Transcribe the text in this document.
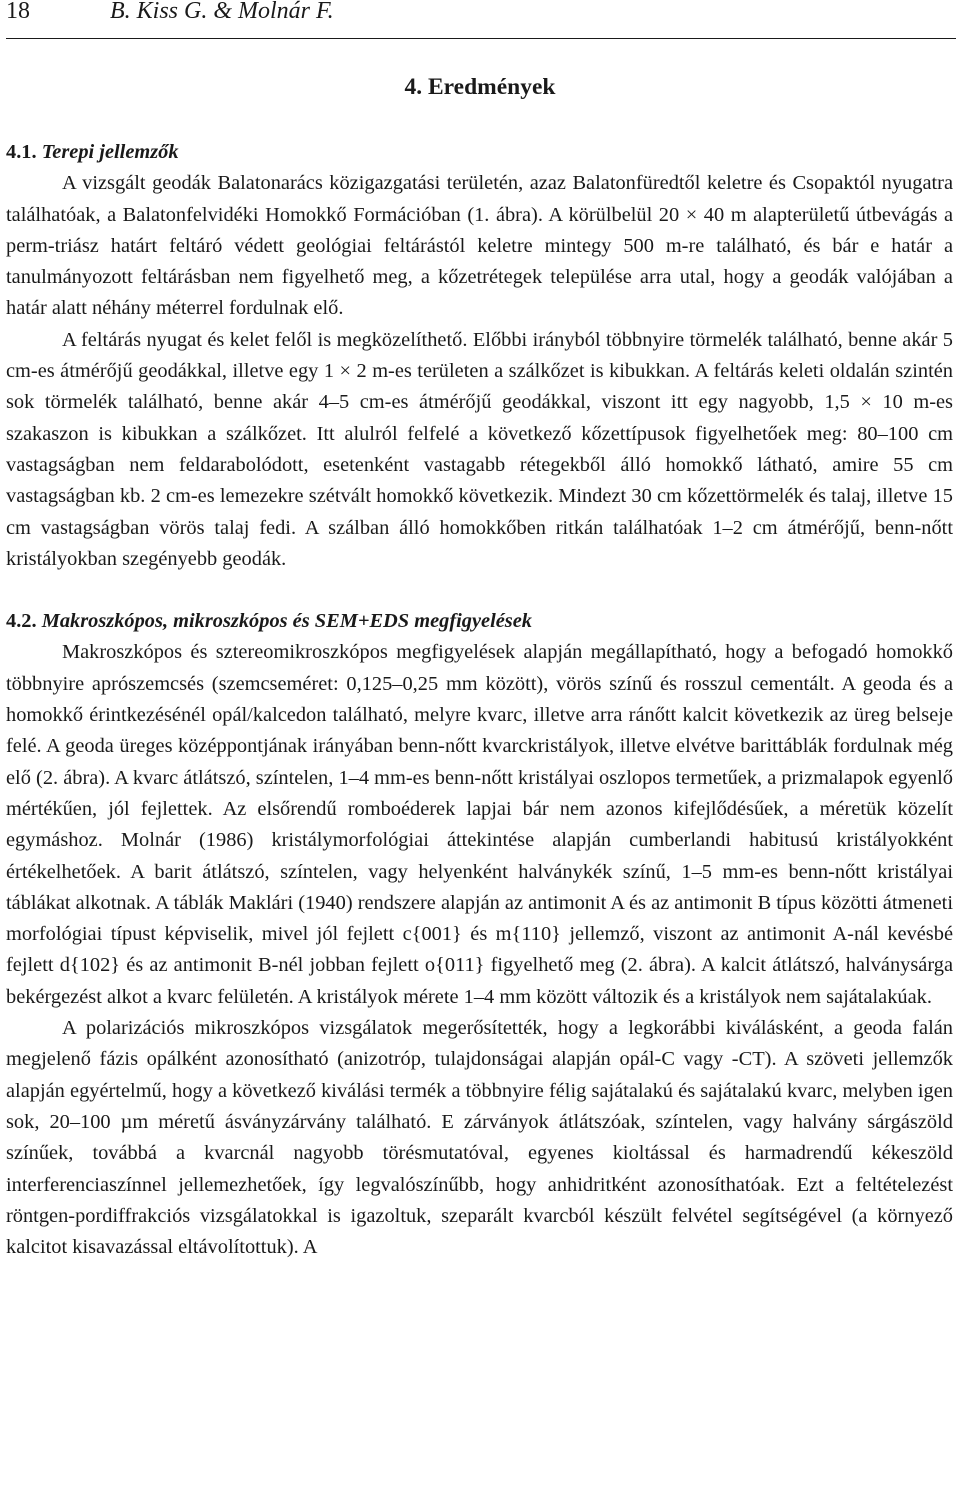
18	B. Kiss G. & Molnár F.
4. Eredmények

4.1. Terepi jellemzők

A vizsgált geodák Balatonarács közigazgatási területén, azaz Balatonfüredtől keletre és Csopaktól nyugatra találhatóak, a Balatonfelvidéki Homokkő Formációban (1. ábra). A körülbelül 20 × 40 m alapterületű útbevágás a perm-triász határt feltáró védett geológiai feltárástól keletre mintegy 500 m-re található, és bár e határ a tanulmányozott feltárásban nem figyelhető meg, a kőzetrétegek települése arra utal, hogy a geodák valójában a határ alatt néhány méterrel fordulnak elő.

A feltárás nyugat és kelet felől is megközelíthető. Előbbi irányból többnyire törmelék található, benne akár 5 cm-es átmérőjű geodákkal, illetve egy 1 × 2 m-es területen a szálkőzet is kibukkan. A feltárás keleti oldalán szintén sok törmelék található, benne akár 4–5 cm-es átmérőjű geodákkal, viszont itt egy nagyobb, 1,5 × 10 m-es szakaszon is kibukkan a szálkőzet. Itt alulról felfelé a következő kőzettípusok figyelhetőek meg: 80–100 cm vastagságban nem feldarabolódott, esetenként vastagabb rétegekből álló homokkő látható, amire 55 cm vastagságban kb. 2 cm-es lemezekre szétvált homokkő következik. Mindezt 30 cm kőzettörmelék és talaj, illetve 15 cm vastagságban vörös talaj fedi. A szálban álló homokkőben ritkán találhatóak 1–2 cm átmérőjű, benn-nőtt kristályokban szegényebb geodák.

4.2. Makroszkópos, mikroszkópos és SEM+EDS megfigyelések

Makroszkópos és sztereomikroszkópos megfigyelések alapján megállapítható, hogy a befogadó homokkő többnyire aprószemcsés (szemcseméret: 0,125–0,25 mm között), vörös színű és rosszul cementált. A geoda és a homokkő érintkezésénél opál/kalcedon található, melyre kvarc, illetve arra ránőtt kalcit következik az üreg belseje felé. A geoda üreges középpontjának irányában benn-nőtt kvarckristályok, illetve elvétve barittáblák fordulnak még elő (2. ábra). A kvarc átlátszó, színtelen, 1–4 mm-es benn-nőtt kristályai oszlopos termetűek, a prizmalapok egyenlő mértékűen, jól fejlettek. Az elsőrendű romboéderek lapjai bár nem azonos kifejlődésűek, a méretük közelít egymáshoz. Molnár (1986) kristálymorfológiai áttekintése alapján cumberlandi habitusú kristályokként értékelhetőek. A barit átlátszó, színtelen, vagy helyenként halványkék színű, 1–5 mm-es benn-nőtt kristályai táblákat alkotnak. A táblák Maklári (1940) rendszere alapján az antimonit A és az antimonit B típus közötti átmeneti morfológiai típust képviselik, mivel jól fejlett c{001} és m{110} jellemző, viszont az antimonit A-nál kevésbé fejlett d{102} és az antimonit B-nél jobban fejlett o{011} figyelhető meg (2. ábra). A kalcit átlátszó, halványsárga bekérgezést alkot a kvarc felületén. A kristályok mérete 1–4 mm között változik és a kristályok nem sajátalakúak.

A polarizációs mikroszkópos vizsgálatok megerősítették, hogy a legkorábbi kiválásként, a geoda falán megjelenő fázis opálként azonosítható (anizotróp, tulajdonságai alapján opál-C vagy -CT). A szöveti jellemzők alapján egyértelmű, hogy a következő kiválási termék a többnyire félig sajátalakú és sajátalakú kvarc, melyben igen sok, 20–100 µm méretű ásványzárvány található. E zárványok átlátszóak, színtelen, vagy halvány sárgászöld színűek, továbbá a kvarcnál nagyobb törésmutatóval, egyenes kioltással és harmadrendű kékeszöld interferenciaszínnel jellemezhetőek, így legvalószínűbb, hogy anhidritként azonosíthatóak. Ezt a feltételezést röntgen-pordiffrakciós vizsgálatokkal is igazoltuk, szeparált kvarcból készült felvétel segítségével (a környező kalcitot kisavazással eltávolítottuk). A
